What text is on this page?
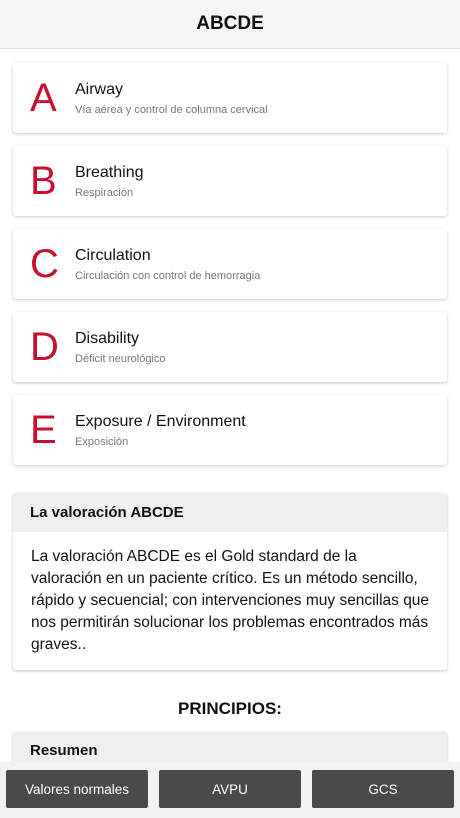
ABCDE
A	Airway
Vía aérea y control de columna cervical
B	Breathing
Respiración
C	Circulation
Circulación con control de hemorragia
D	Disability
Déficit neurológico
E	Exposure / Environment
Exposición
La valoración ABCDE
La valoración ABCDE es el Gold standard de la valoración en un paciente crítico. Es un método sencillo, rápido y secuencial; con intervenciones muy sencillas que nos permitirán solucionar los problemas encontrados más graves..
PRINCIPIOS:
Resumen
Valores normales	AVPU	GCS
